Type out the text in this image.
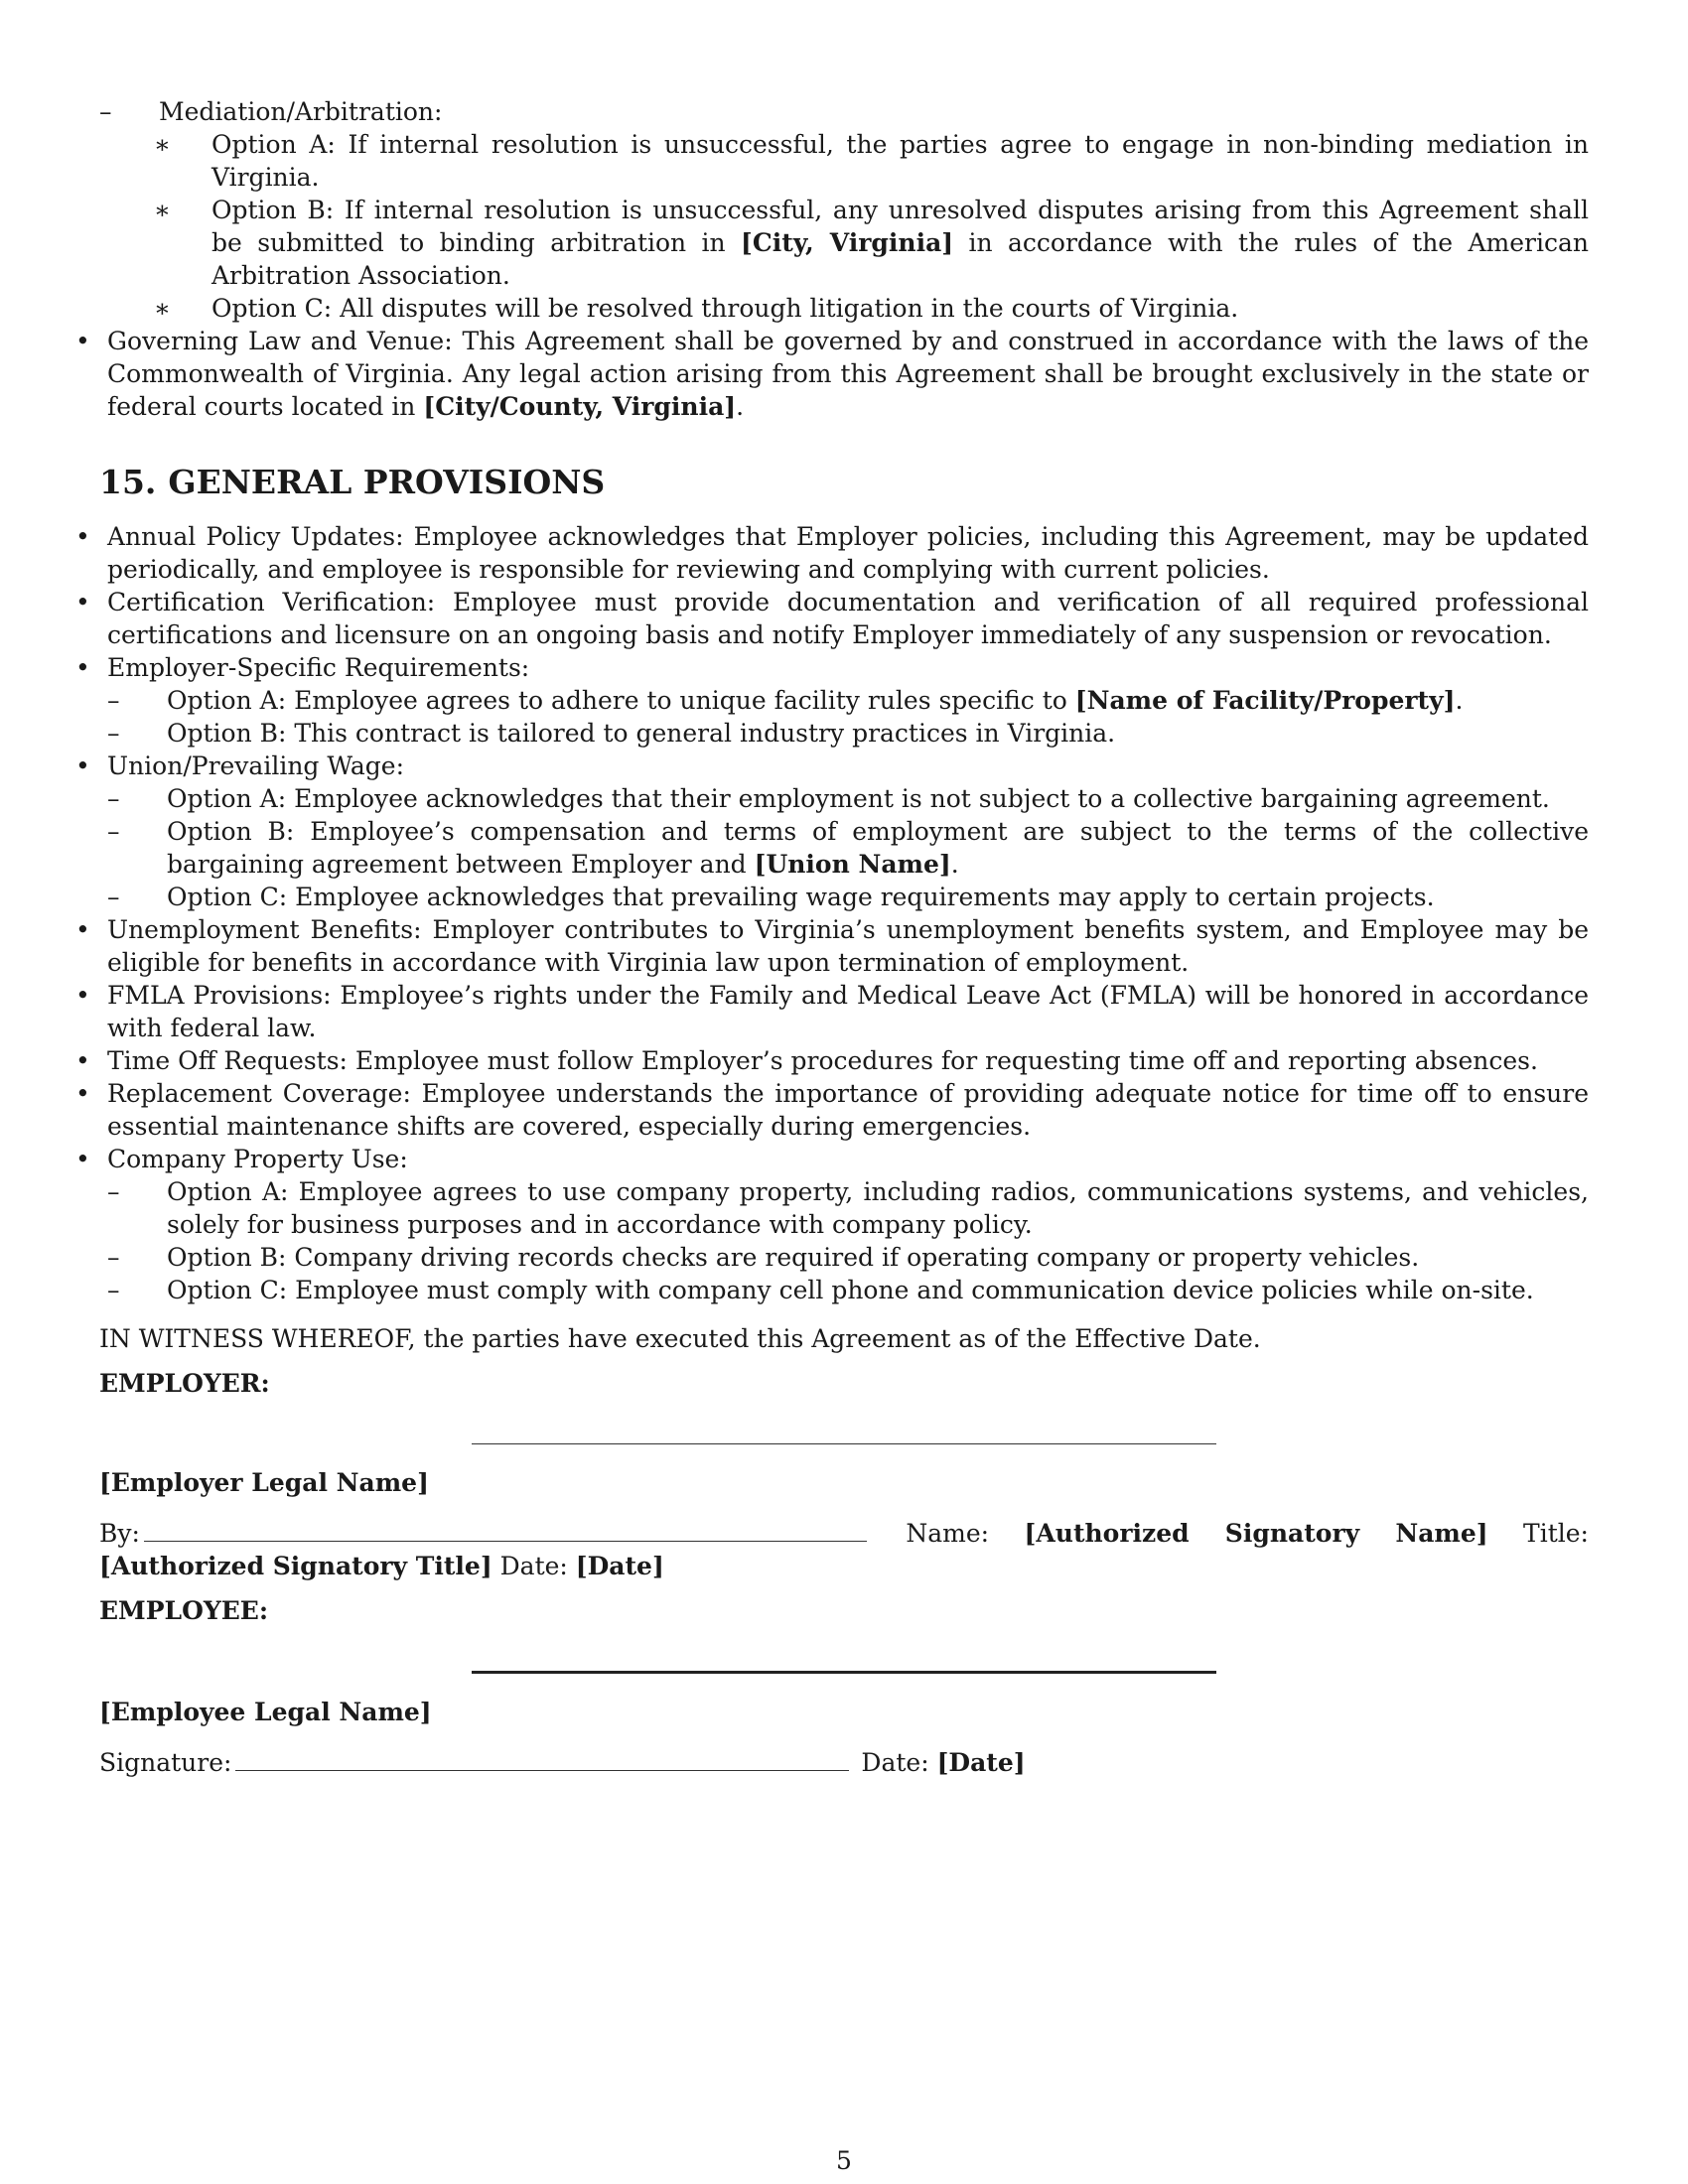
– Mediation/Arbitration:
∗ Option A: If internal resolution is unsuccessful, the parties agree to engage in non-binding mediation in Virginia.
∗ Option B: If internal resolution is unsuccessful, any unresolved disputes arising from this Agreement shall be submitted to binding arbitration in [City, Virginia] in accordance with the rules of the American Arbitration Association.
∗ Option C: All disputes will be resolved through litigation in the courts of Virginia.
• Governing Law and Venue: This Agreement shall be governed by and construed in accordance with the laws of the Commonwealth of Virginia. Any legal action arising from this Agreement shall be brought exclusively in the state or federal courts located in [City/County, Virginia].
15. GENERAL PROVISIONS
• Annual Policy Updates: Employee acknowledges that Employer policies, including this Agreement, may be updated periodically, and employee is responsible for reviewing and complying with current policies.
• Certification Verification: Employee must provide documentation and verification of all required professional certifications and licensure on an ongoing basis and notify Employer immediately of any suspension or revocation.
• Employer-Specific Requirements:
– Option A: Employee agrees to adhere to unique facility rules specific to [Name of Facility/Property].
– Option B: This contract is tailored to general industry practices in Virginia.
• Union/Prevailing Wage:
– Option A: Employee acknowledges that their employment is not subject to a collective bargaining agreement.
– Option B: Employee’s compensation and terms of employment are subject to the terms of the collective bargaining agreement between Employer and [Union Name].
– Option C: Employee acknowledges that prevailing wage requirements may apply to certain projects.
• Unemployment Benefits: Employer contributes to Virginia’s unemployment benefits system, and Employee may be eligible for benefits in accordance with Virginia law upon termination of employment.
• FMLA Provisions: Employee’s rights under the Family and Medical Leave Act (FMLA) will be honored in accordance with federal law.
• Time Off Requests: Employee must follow Employer’s procedures for requesting time off and reporting absences.
• Replacement Coverage: Employee understands the importance of providing adequate notice for time off to ensure essential maintenance shifts are covered, especially during emergencies.
• Company Property Use:
– Option A: Employee agrees to use company property, including radios, communications systems, and vehicles, solely for business purposes and in accordance with company policy.
– Option B: Company driving records checks are required if operating company or property vehicles.
– Option C: Employee must comply with company cell phone and communication device policies while on-site.

IN WITNESS WHEREOF, the parties have executed this Agreement as of the Effective Date.

EMPLOYER:

[Employer Legal Name]

By:	Name: [Authorized Signatory Name] Title: [Authorized Signatory Title] Date: [Date]

EMPLOYEE:

[Employee Legal Name]

Signature:	Date: [Date]

5
